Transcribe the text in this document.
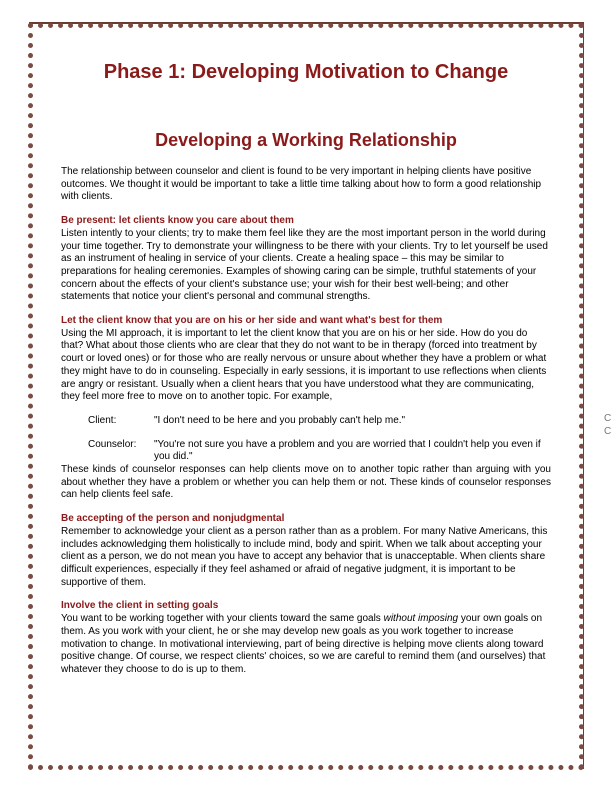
Phase 1: Developing Motivation to Change
Developing a Working Relationship

The relationship between counselor and client is found to be very important in helping clients have positive outcomes. We thought it would be important to take a little time talking about how to form a good relationship with clients.

Be present: let clients know you care about them
Listen intently to your clients; try to make them feel like they are the most important person in the world during your time together. Try to demonstrate your willingness to be there with your clients. Try to let yourself be used as an instrument of healing in service of your clients. Create a healing space – this may be similar to preparations for healing ceremonies. Examples of showing caring can be simple, truthful statements of your concern about the effects of your client's substance use; your wish for their best well-being; and other statements that notice your client's personal and communal strengths.

Let the client know that you are on his or her side and want what's best for them
Using the MI approach, it is important to let the client know that you are on his or her side. How do you do that? What about those clients who are clear that they do not want to be in therapy (forced into treatment by court or loved ones) or for those who are really nervous or unsure about whether they have a problem or what they might have to do in counseling. Especially in early sessions, it is important to use reflections when clients are angry or resistant. Usually when a client hears that you have understood what they are communicating, they feel more free to move on to another topic. For example,

Client:	"I don't need to be here and you probably can't help me."
Counselor:	"You're not sure you have a problem and you are worried that I couldn't help you even if you did."

These kinds of counselor responses can help clients move on to another topic rather than arguing with you about whether they have a problem or whether you can help them or not. These kinds of counselor responses can help clients feel safe.

Be accepting of the person and nonjudgmental
Remember to acknowledge your client as a person rather than as a problem. For many Native Americans, this includes acknowledging them holistically to include mind, body and spirit. When we talk about accepting your client as a person, we do not mean you have to accept any behavior that is unacceptable. When clients share difficult experiences, especially if they feel ashamed or afraid of negative judgment, it is important to be supportive of them.

Involve the client in setting goals
You want to be working together with your clients toward the same goals without imposing your own goals on them. As you work with your client, he or she may develop new goals as you work together to increase motivation to change. In motivational interviewing, part of being directive is helping move clients along toward positive change. Of course, we respect clients' choices, so we are careful to remind them (and ourselves) that whatever they choose to do is up to them.

C
C
